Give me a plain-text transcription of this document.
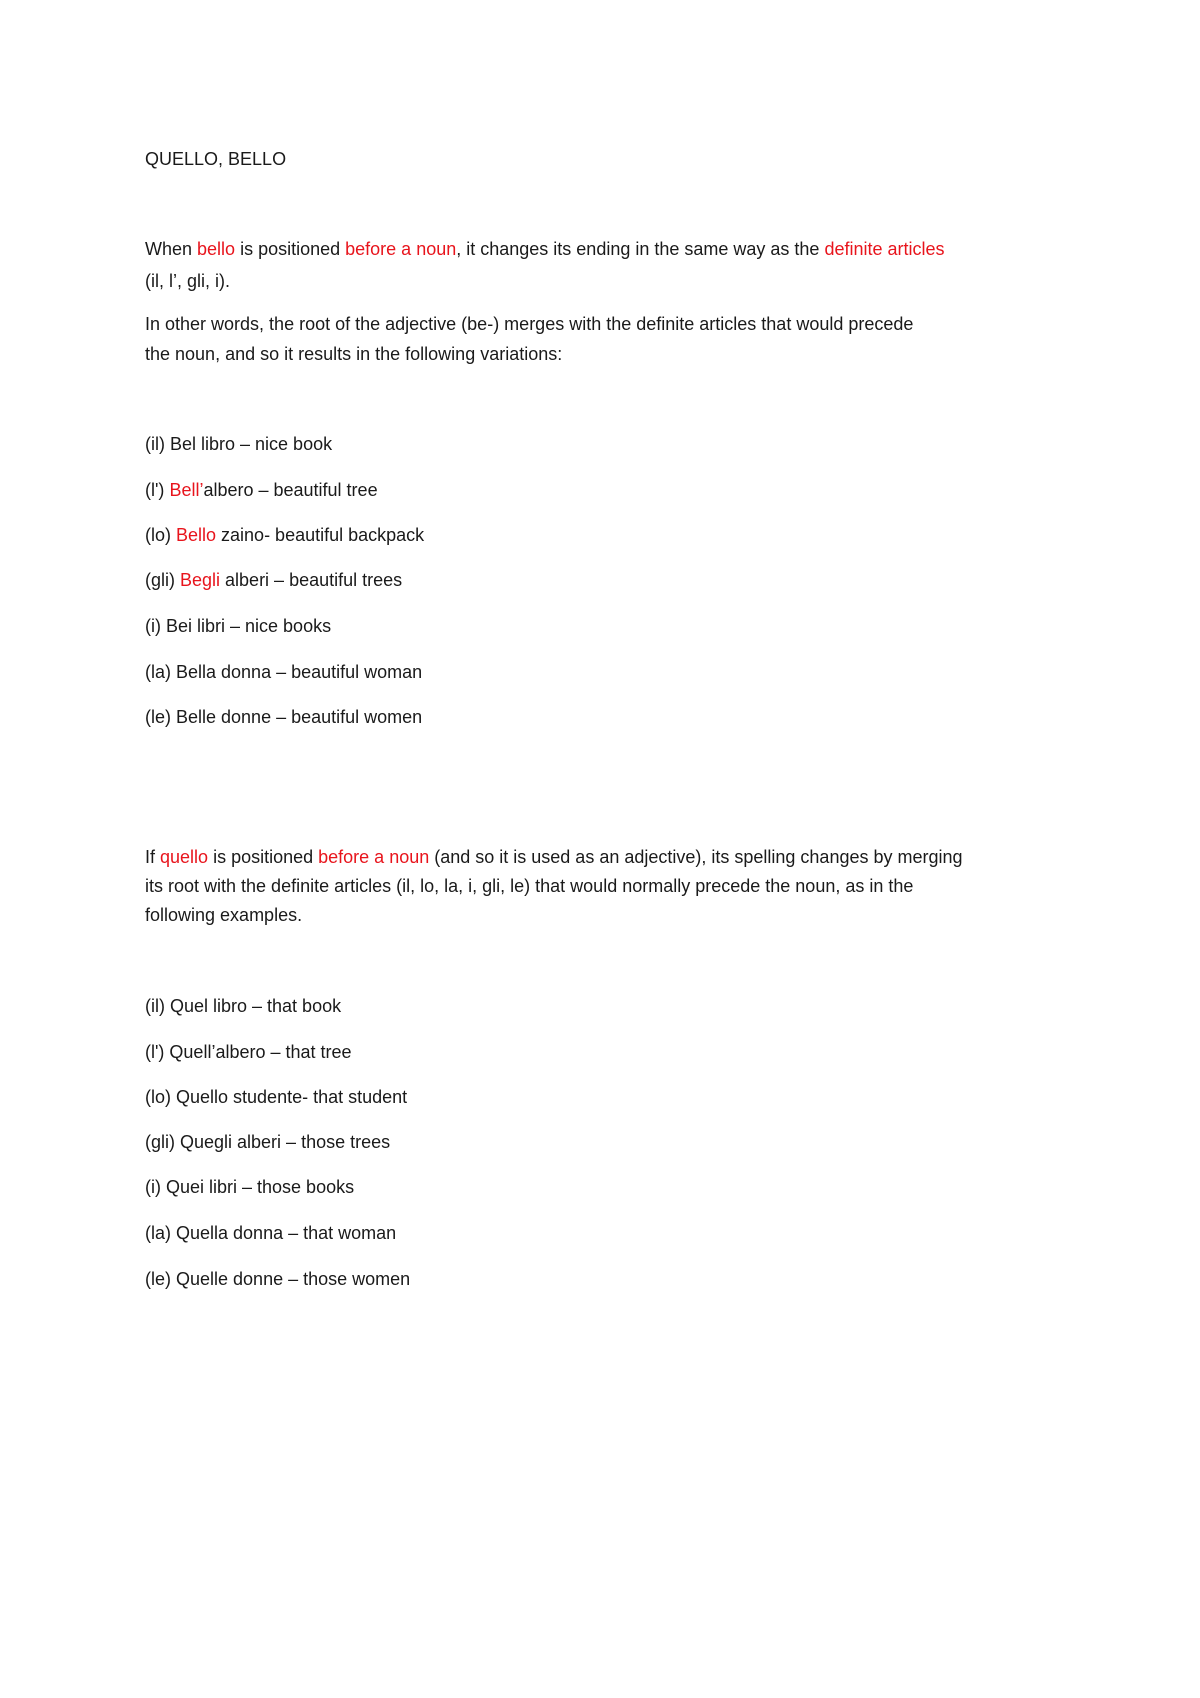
QUELLO, BELLO
When bello is positioned before a noun, it changes its ending in the same way as the definite articles
(il, l’, gli, i).
In other words, the root of the adjective (be-) merges with the definite articles that would precede
the noun, and so it results in the following variations:
(il) Bel libro – nice book
(l') Bell’albero – beautiful tree
(lo) Bello zaino- beautiful backpack
(gli) Begli alberi – beautiful trees
(i) Bei libri – nice books
(la) Bella donna – beautiful woman
(le) Belle donne – beautiful women
If quello is positioned before a noun (and so it is used as an adjective), its spelling changes by merging
its root with the definite articles (il, lo, la, i, gli, le) that would normally precede the noun, as in the
following examples.
(il) Quel libro – that book
(l') Quell’albero – that tree
(lo) Quello studente- that student
(gli) Quegli alberi – those trees
(i) Quei libri – those books
(la) Quella donna – that woman
(le) Quelle donne – those women
